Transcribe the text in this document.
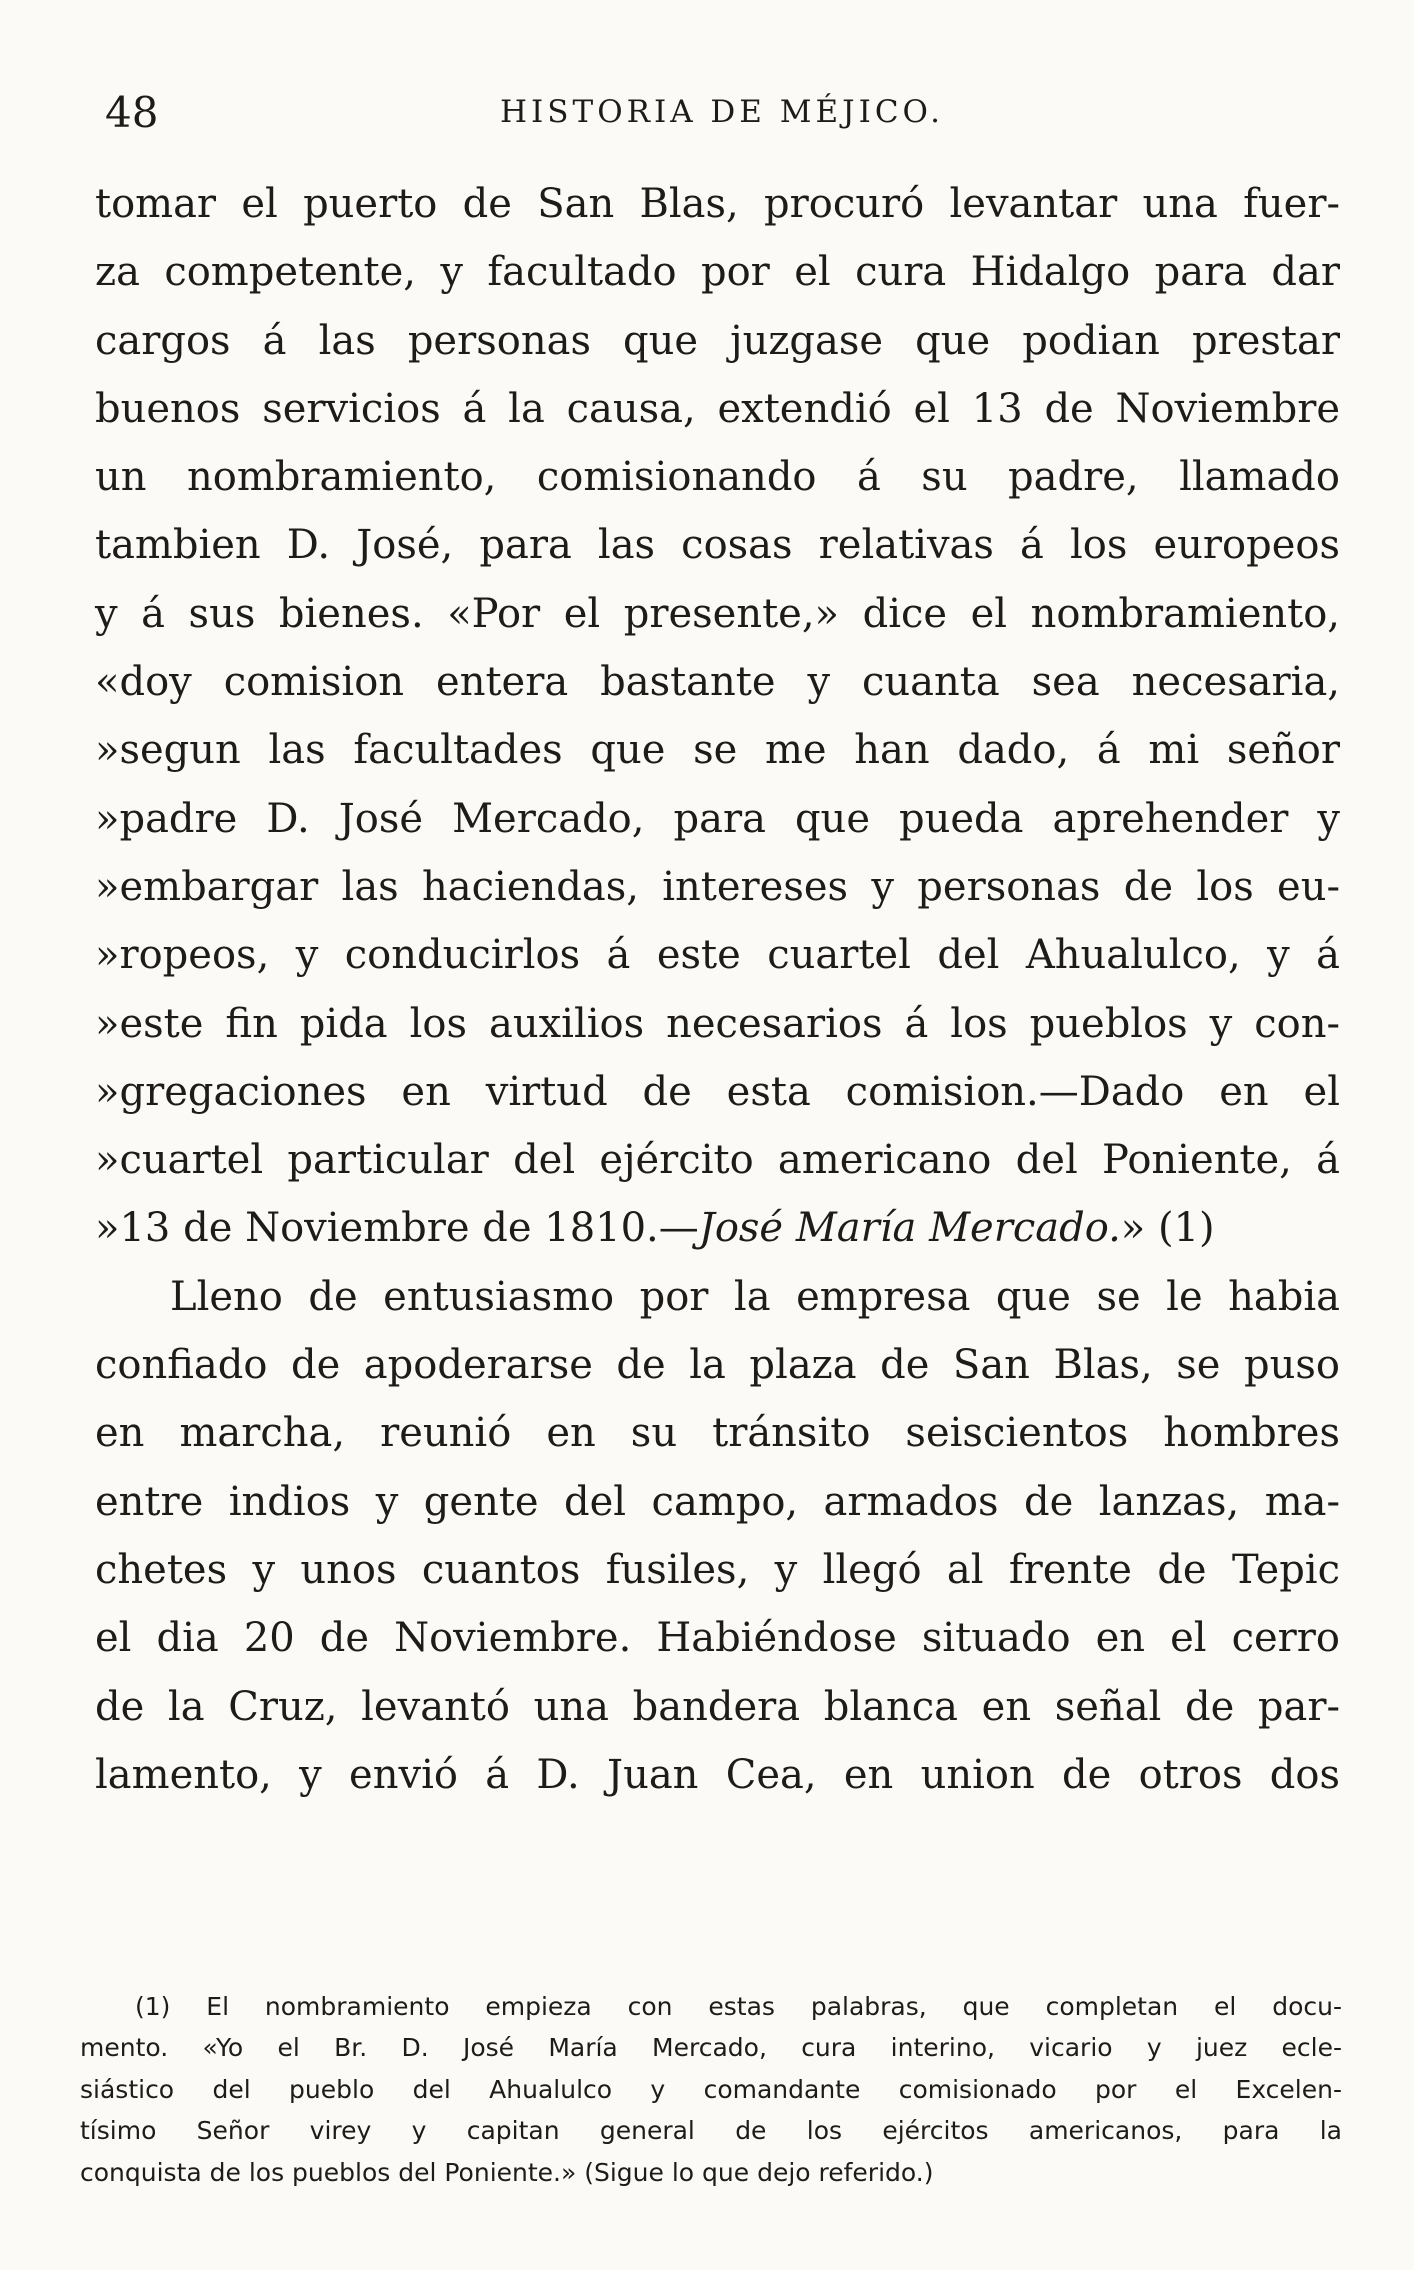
48	HISTORIA DE MÉJICO.
tomar el puerto de San Blas, procuró levantar una fuer-
za competente, y facultado por el cura Hidalgo para dar
cargos á las personas que juzgase que podian prestar
buenos servicios á la causa, extendió el 13 de Noviembre
un nombramiento, comisionando á su padre, llamado
tambien D. José, para las cosas relativas á los europeos
y á sus bienes. «Por el presente,» dice el nombramiento,
«doy comision entera bastante y cuanta sea necesaria,
»segun las facultades que se me han dado, á mi señor
»padre D. José Mercado, para que pueda aprehender y
»embargar las haciendas, intereses y personas de los eu-
»ropeos, y conducirlos á este cuartel del Ahualulco, y á
»este fin pida los auxilios necesarios á los pueblos y con-
»gregaciones en virtud de esta comision.—Dado en el
»cuartel particular del ejército americano del Poniente, á
»13 de Noviembre de 1810.—José María Mercado.» (1)
Lleno de entusiasmo por la empresa que se le habia
confiado de apoderarse de la plaza de San Blas, se puso
en marcha, reunió en su tránsito seiscientos hombres
entre indios y gente del campo, armados de lanzas, ma-
chetes y unos cuantos fusiles, y llegó al frente de Tepic
el dia 20 de Noviembre. Habiéndose situado en el cerro
de la Cruz, levantó una bandera blanca en señal de par-
lamento, y envió á D. Juan Cea, en union de otros dos
(1) El nombramiento empieza con estas palabras, que completan el docu-
mento. «Yo el Br. D. José María Mercado, cura interino, vicario y juez ecle-
siástico del pueblo del Ahualulco y comandante comisionado por el Excelen-
tísimo Señor virey y capitan general de los ejércitos americanos, para la
conquista de los pueblos del Poniente.» (Sigue lo que dejo referido.)
